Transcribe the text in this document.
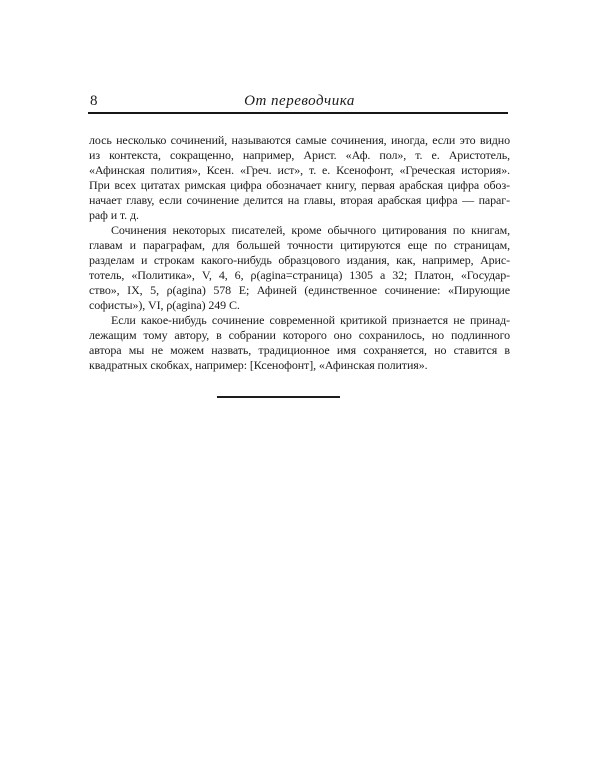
8	От переводчика
лось несколько сочинений, называются самые сочинения, иногда, если это видно
из контекста, сокращенно, например, Арист. «Аф. пол», т. е. Аристотель,
«Афинская полития», Ксен. «Греч. ист», т. е. Ксенофонт, «Греческая история».
При всех цитатах римская цифра обозначает книгу, первая арабская цифра обоз-
начает главу, если сочинение делится на главы, вторая арабская цифра — параг-
раф и т. д.
Сочинения некоторых писателей, кроме обычного цитирования по книгам,
главам и параграфам, для большей точности цитируются еще по страницам,
разделам и строкам какого-нибудь образцового издания, как, например, Арис-
тотель, «Политика», V, 4, 6, ρ(agina=страница) 1305 a 32; Платон, «Государ-
ство», IX, 5, ρ(agina) 578 E; Афиней (единственное сочинение: «Пирующие
софисты»), VI, ρ(agina) 249 C.
Если какое-нибудь сочинение современной критикой признается не принад-
лежащим тому автору, в собрании которого оно сохранилось, но подлинного
автора мы не можем назвать, традиционное имя сохраняется, но ставится в
квадратных скобках, например: [Ксенофонт], «Афинская полития».
